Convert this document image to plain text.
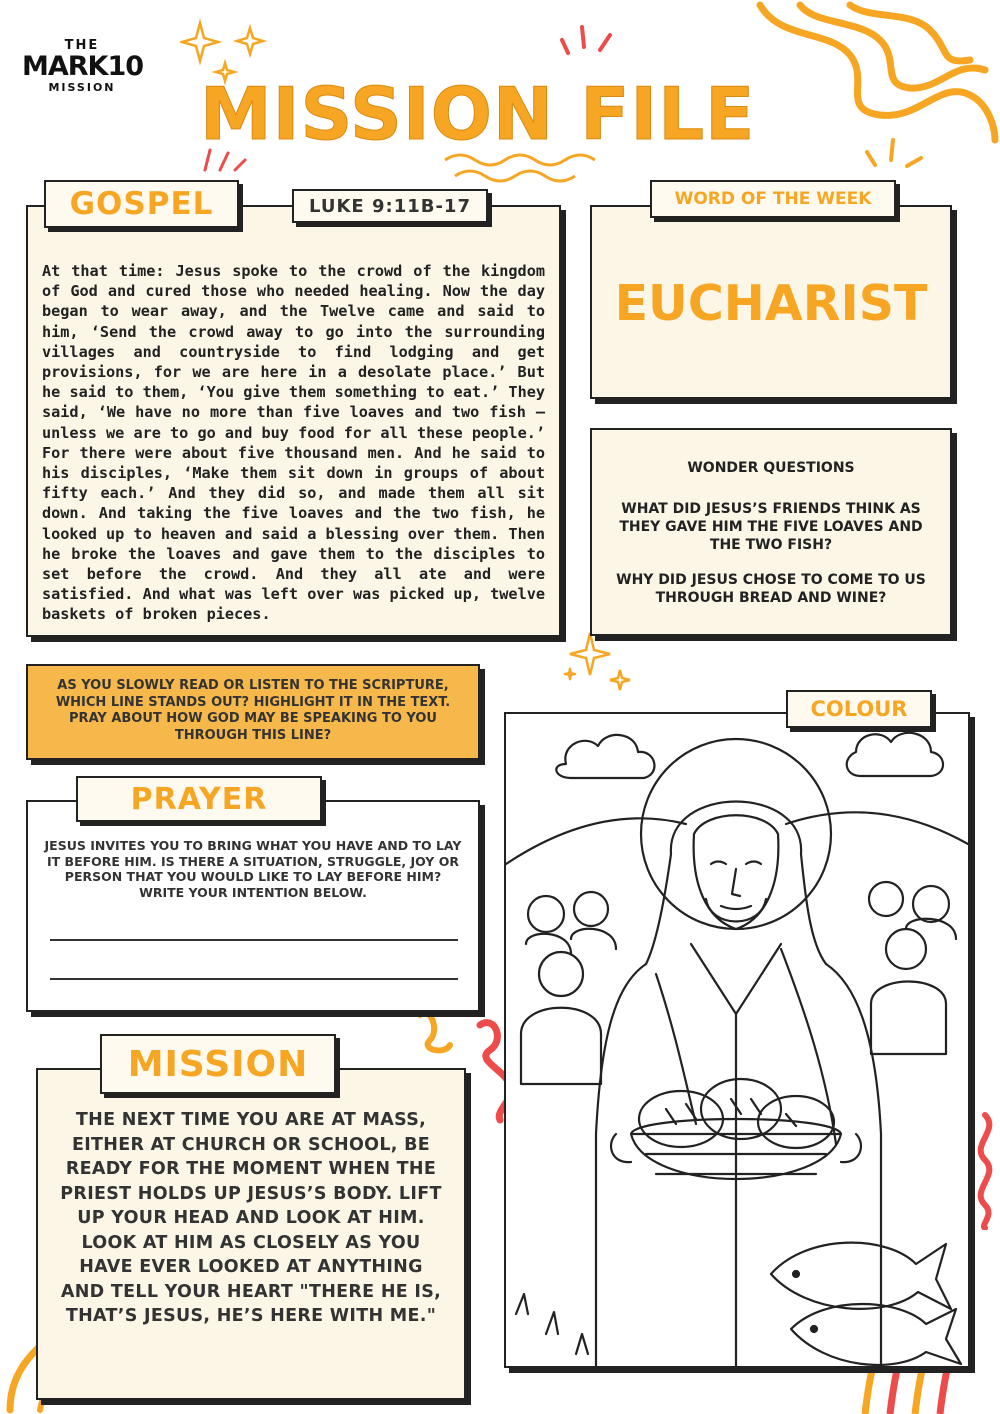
THE
MARK10
MISSION	MISSION FILE
At that time: Jesus spoke to the crowd of the kingdom of God and cured those who needed healing. Now the day began to wear away, and the Twelve came and said to him, ‘Send the crowd away to go into the surrounding villages and countryside to find lodging and get provisions, for we are here in a desolate place.’ But he said to them, ‘You give them something to eat.’ They said, ‘We have no more than five loaves and two fish – unless we are to go and buy food for all these people.’ For there were about five thousand men. And he said to his disciples, ‘Make them sit down in groups of about fifty each.’ And they did so, and made them all sit down. And taking the five loaves and the two fish, he looked up to heaven and said a blessing over them. Then he broke the loaves and gave them to the disciples to set before the crowd. And they all ate and were satisfied. And what was left over was picked up, twelve baskets of broken pieces.
GOSPEL	LUKE 9:11B-17
EUCHARIST
WORD OF THE WEEK
WONDER QUESTIONS
WHAT DID JESUS’S FRIENDS THINK AS THEY GAVE HIM THE FIVE LOAVES AND THE TWO FISH?
WHY DID JESUS CHOSE TO COME TO US THROUGH BREAD AND WINE?
AS YOU SLOWLY READ OR LISTEN TO THE SCRIPTURE, WHICH LINE STANDS OUT? HIGHLIGHT IT IN THE TEXT. PRAY ABOUT HOW GOD MAY BE SPEAKING TO YOU THROUGH THIS LINE?
JESUS INVITES YOU TO BRING WHAT YOU HAVE AND TO LAY IT BEFORE HIM. IS THERE A SITUATION, STRUGGLE, JOY OR PERSON THAT YOU WOULD LIKE TO LAY BEFORE HIM? WRITE YOUR INTENTION BELOW.
PRAYER
THE NEXT TIME YOU ARE AT MASS, EITHER AT CHURCH OR SCHOOL, BE READY FOR THE MOMENT WHEN THE PRIEST HOLDS UP JESUS’S BODY. LIFT UP YOUR HEAD AND LOOK AT HIM. LOOK AT HIM AS CLOSELY AS YOU HAVE EVER LOOKED AT ANYTHING AND TELL YOUR HEART "THERE HE IS, THAT’S JESUS, HE’S HERE WITH ME."
MISSION
COLOUR
